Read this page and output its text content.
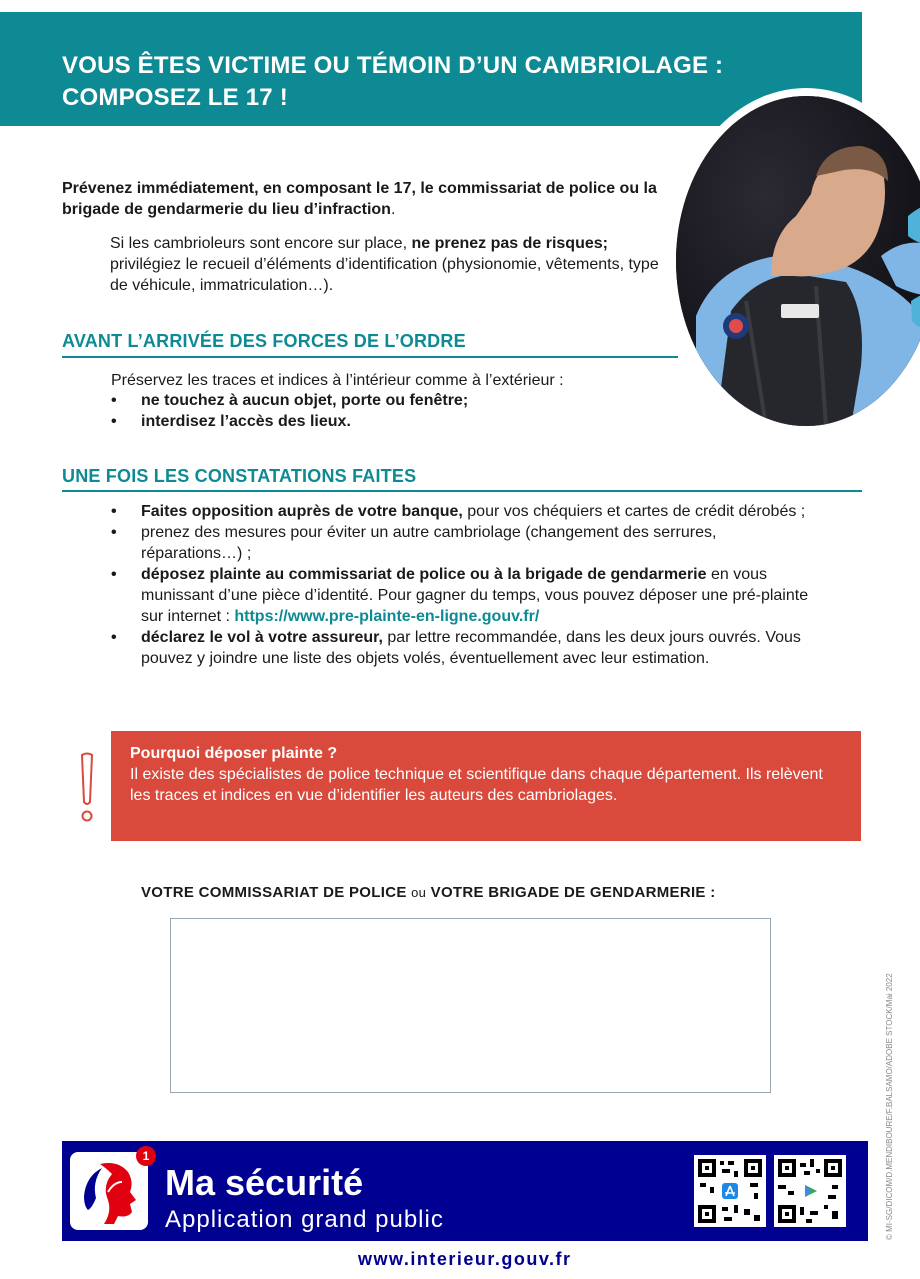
VOUS ÊTES VICTIME OU TÉMOIN D’UN CAMBRIOLAGE : COMPOSEZ LE 17 !
Prévenez immédiatement, en composant le 17, le commissariat de police ou la brigade de gendarmerie du lieu d’infraction.
Si les cambrioleurs sont encore sur place, ne prenez pas de risques; privilégiez le recueil d’éléments d’identification (physionomie, vêtements, type de véhicule, immatriculation…).
AVANT L’ARRIVÉE DES FORCES DE L’ORDRE
Préservez les traces et indices à l’intérieur comme à l’extérieur :
• ne touchez à aucun objet, porte ou fenêtre;
• interdisez l’accès des lieux.
UNE FOIS LES CONSTATATIONS FAITES
• Faites opposition auprès de votre banque, pour vos chéquiers et cartes de crédit dérobés ;
• prenez des mesures pour éviter un autre cambriolage (changement des serrures, réparations…) ;
• déposez plainte au commissariat de police ou à la brigade de gendarmerie en vous munissant d’une pièce d’identité. Pour gagner du temps, vous pouvez déposer une pré-plainte sur internet : https://www.pre-plainte-en-ligne.gouv.fr/
• déclarez le vol à votre assureur, par lettre recommandée, dans les deux jours ouvrés. Vous pouvez y joindre une liste des objets volés, éventuellement avec leur estimation.
Pourquoi déposer plainte ?
Il existe des spécialistes de police technique et scientifique dans chaque département. Ils relèvent les traces et indices en vue d’identifier les auteurs des cambriolages.
VOTRE COMMISSARIAT DE POLICE ou VOTRE BRIGADE DE GENDARMERIE :
© MI-SG/DICOM/D.MENDIBOURE/F.BALSAMO/ADOBE STOCK/Mai 2022
1
Ma sécurité
Application grand public
www.interieur.gouv.fr
